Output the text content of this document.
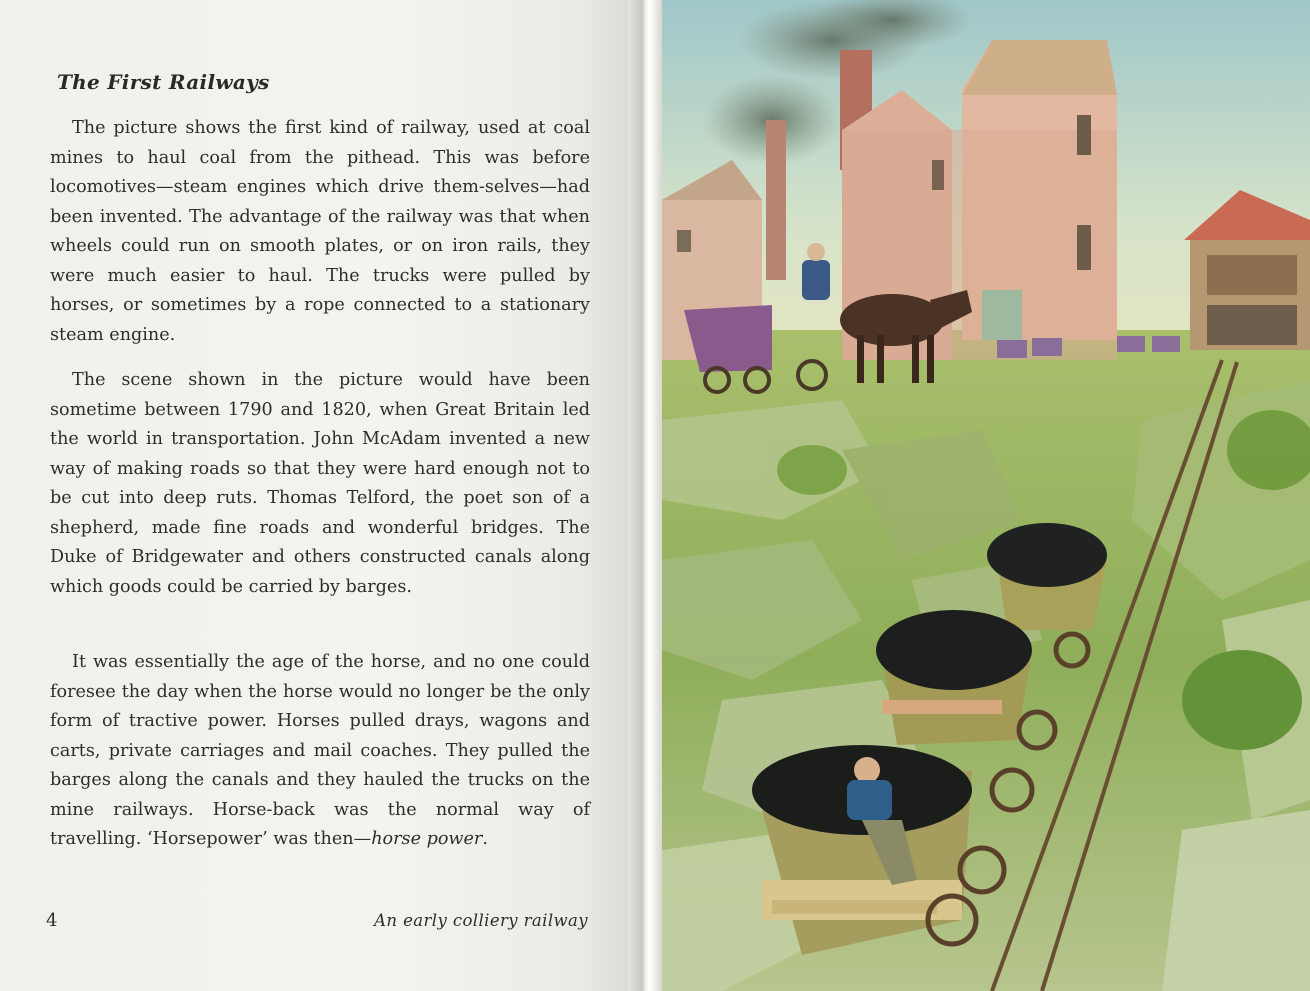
The First Railways

The picture shows the first kind of railway, used at coal mines to haul coal from the pithead. This was before locomotives—steam engines which drive them-selves—had been invented. The advantage of the railway was that when wheels could run on smooth plates, or on iron rails, they were much easier to haul. The trucks were pulled by horses, or sometimes by a rope connected to a stationary steam engine.

The scene shown in the picture would have been sometime between 1790 and 1820, when Great Britain led the world in transportation. John McAdam invented a new way of making roads so that they were hard enough not to be cut into deep ruts. Thomas Telford, the poet son of a shepherd, made fine roads and wonderful bridges. The Duke of Bridgewater and others constructed canals along which goods could be carried by barges.

It was essentially the age of the horse, and no one could foresee the day when the horse would no longer be the only form of tractive power. Horses pulled drays, wagons and carts, private carriages and mail coaches. They pulled the barges along the canals and they hauled the trucks on the mine railways. Horse-back was the normal way of travelling. ‘Horsepower’ was then—horse power.

4	An early colliery railway
